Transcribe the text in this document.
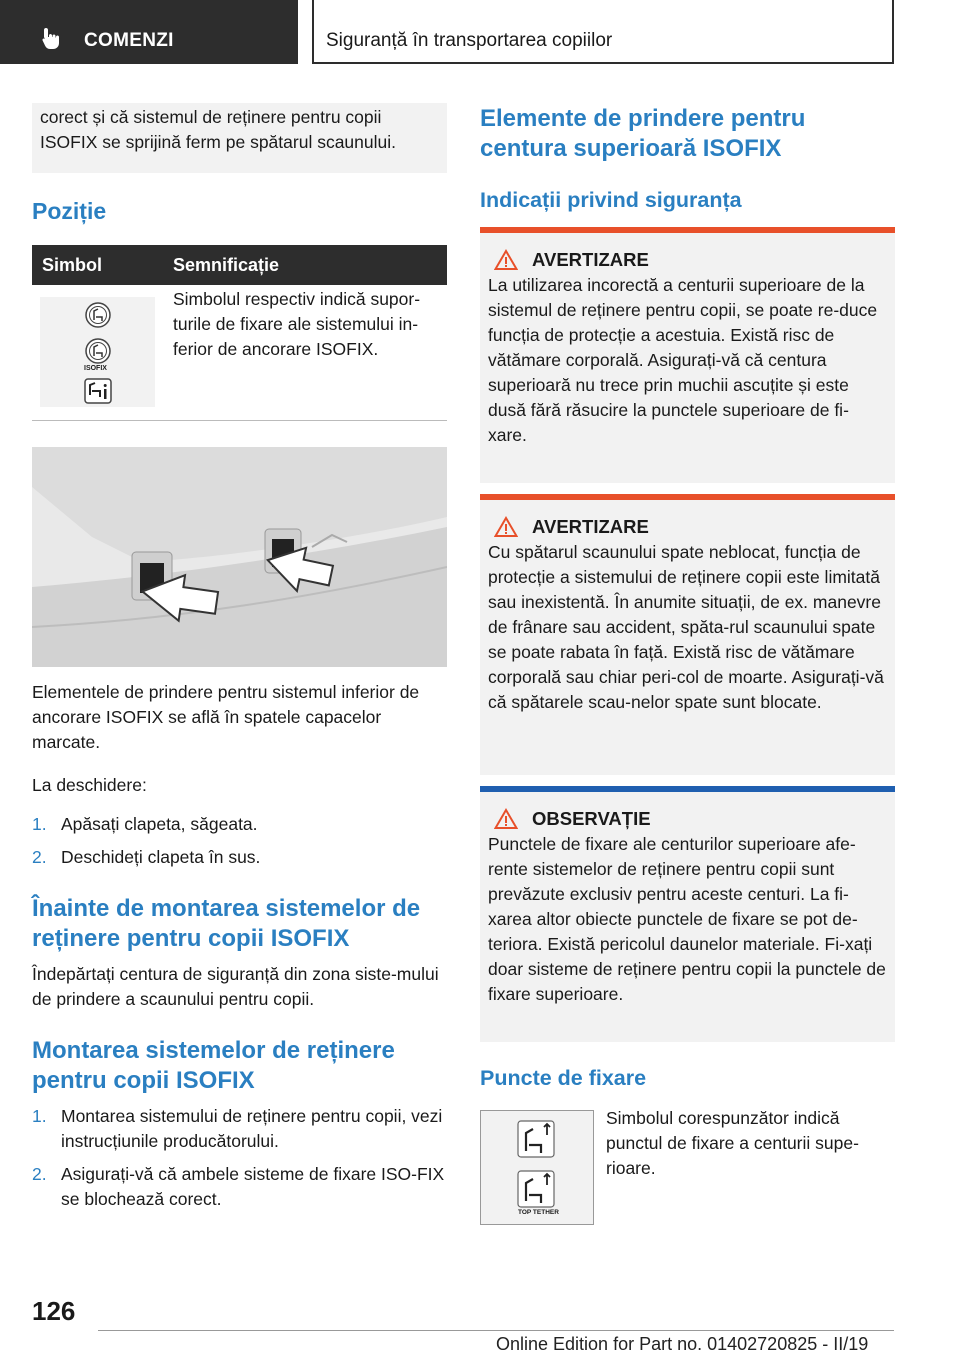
COMENZI	Siguranță în transportarea copiilor

corect și că sistemul de reținere pentru copii ISOFIX se sprijină ferm pe spătarul scaunului.

Poziție
Simbol	Semnificație

ISOFIX	Simbolul respectiv indică supor-turile de fixare ale sistemului in-ferior de ancorare ISOFIX.

Elementele de prindere pentru sistemul inferior de ancorare ISOFIX se află în spatele capacelor marcate.

La deschidere:

1. Apăsați clapeta, săgeata.
2. Deschideți clapeta în sus.
Înainte de montarea sistemelor de reținere pentru copii ISOFIX

Îndepărtați centura de siguranță din zona siste-mului de prindere a scaunului pentru copii.

Montarea sistemelor de reținere pentru copii ISOFIX
1. Montarea sistemului de reținere pentru copii, vezi instrucțiunile producătorului.
2. Asigurați-vă că ambele sisteme de fixare ISO-FIX se blochează corect.
Elemente de prindere pentru centura superioară ISOFIX
Indicații privind siguranța
AVERTIZARE

La utilizarea incorectă a centurii superioare de la sistemul de reținere pentru copii, se poate re-duce funcția de protecție a acestuia. Există risc de vătămare corporală. Asigurați-vă că centura superioară nu trece prin muchii ascuțite și este dusă fără răsucire la punctele superioare de fi-xare.

AVERTIZARE

Cu spătarul scaunului spate neblocat, funcția de protecție a sistemului de reținere copii este limitată sau inexistentă. În anumite situații, de ex. manevre de frânare sau accident, spăta-rul scaunului spate se poate rabata în față. Există risc de vătămare corporală sau chiar peri-col de moarte. Asigurați-vă că spătarele scau-nelor spate sunt blocate.

OBSERVAȚIE

Punctele de fixare ale centurilor superioare afe-rente sistemelor de reținere pentru copii sunt prevăzute exclusiv pentru aceste centuri. La fi-xarea altor obiecte punctele de fixare se pot de-teriora. Există pericolul daunelor materiale. Fi-xați doar sisteme de reținere pentru copii la punctele de fixare superioare.

Puncte de fixare
TOP TETHER

Simbolul corespunzător indică punctul de fixare a centurii supe-rioare.

126
Online Edition for Part no. 01402720825 - II/19
